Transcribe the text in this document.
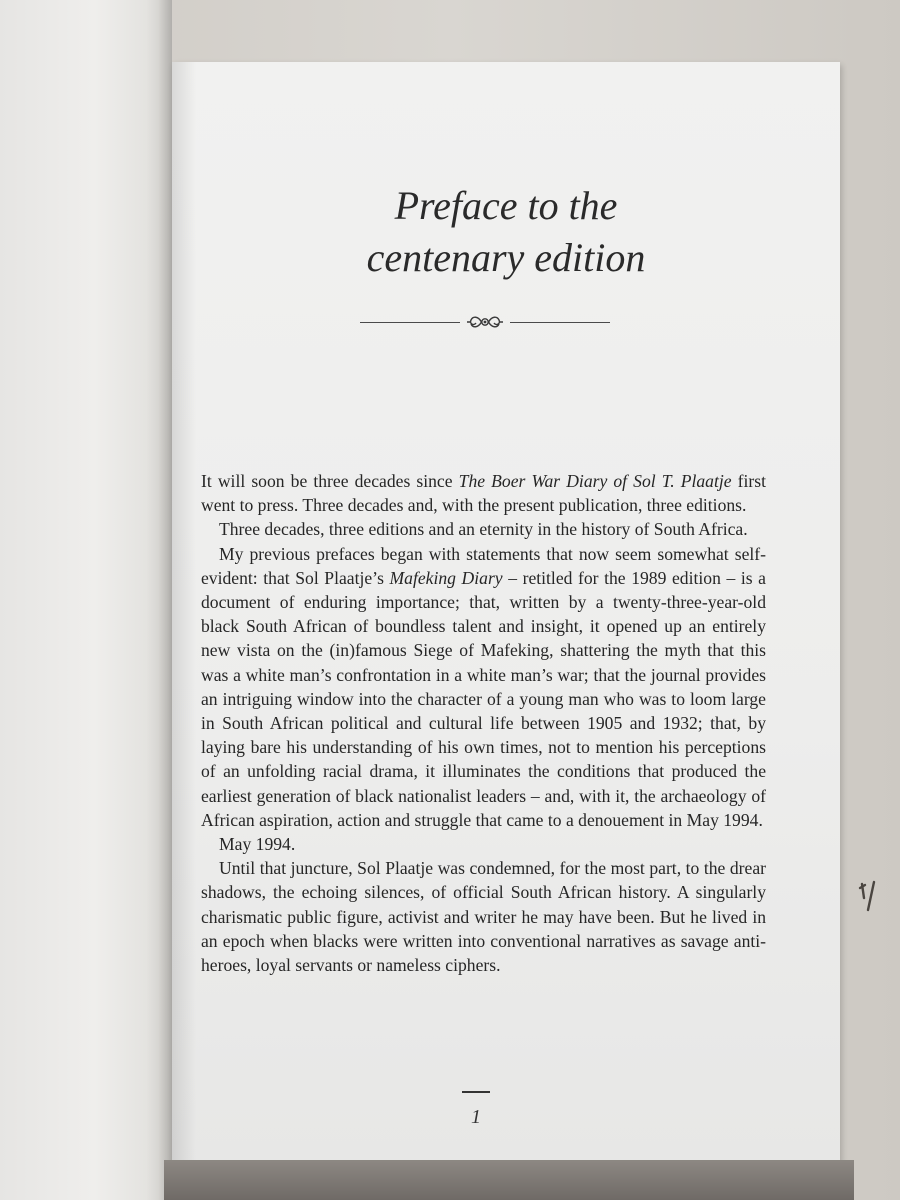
Preface to the
centenary edition

It will soon be three decades since The Boer War Diary of Sol T. Plaatje first went to press. Three decades and, with the present publication, three editions.

Three decades, three editions and an eternity in the history of South Africa.

My previous prefaces began with statements that now seem somewhat self-evident: that Sol Plaatje’s Mafeking Diary – retitled for the 1989 edition – is a document of enduring importance; that, written by a twenty-three-year-old black South African of boundless talent and insight, it opened up an entirely new vista on the (in)famous Siege of Mafeking, shattering the myth that this was a white man’s confrontation in a white man’s war; that the journal provides an intriguing window into the character of a young man who was to loom large in South African political and cultural life between 1905 and 1932; that, by laying bare his understanding of his own times, not to mention his perceptions of an unfolding racial drama, it illuminates the conditions that produced the earliest generation of black nationalist leaders – and, with it, the archaeology of African aspiration, action and struggle that came to a denouement in May 1994.

May 1994.

Until that juncture, Sol Plaatje was condemned, for the most part, to the drear shadows, the echoing silences, of official South African history. A singularly charismatic public figure, activist and writer he may have been. But he lived in an epoch when blacks were written into conventional narratives as savage anti-heroes, loyal servants or nameless ciphers.

1
